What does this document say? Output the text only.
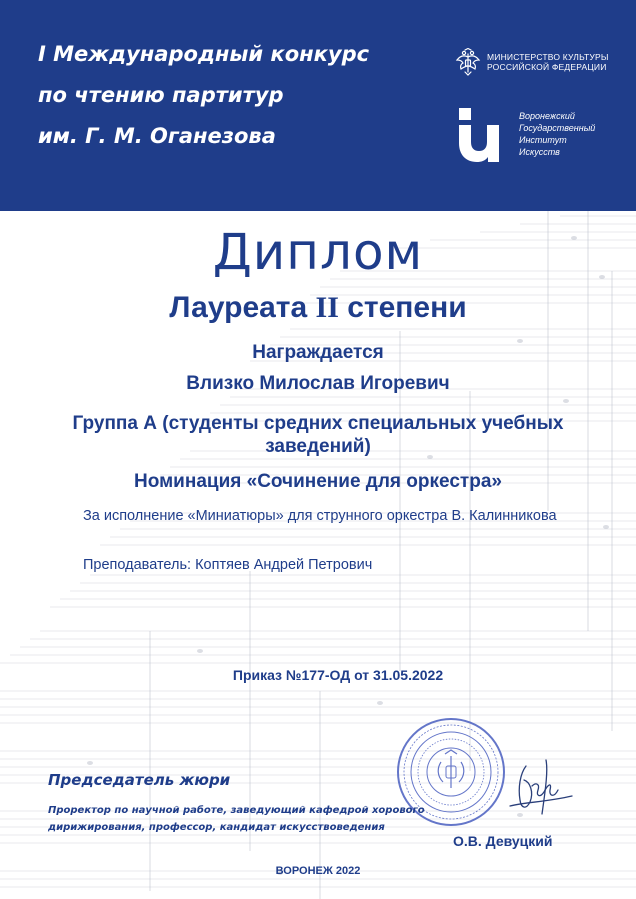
I Международный конкурс
по чтению партитур
им. Г. М. Оганезова
МИНИСТЕРСТВО КУЛЬТУРЫ
РОССИЙСКОЙ ФЕДЕРАЦИИ
Воронежский
Государственный
Институт
Искусств
Диплом
Лауреата II степени
Награждается
Влизко Милослав Игоревич
Группа А (студенты средних специальных учебных заведений)
Номинация «Сочинение для оркестра»
За исполнение «Миниатюры» для струнного оркестра В. Калинникова
Преподаватель: Коптяев Андрей Петрович
Приказ №177-ОД от 31.05.2022
Председатель жюри
Проректор по научной работе, заведующий кафедрой хорового дирижирования, профессор, кандидат искусствоведения
О.В. Девуцкий
ВОРОНЕЖ 2022
